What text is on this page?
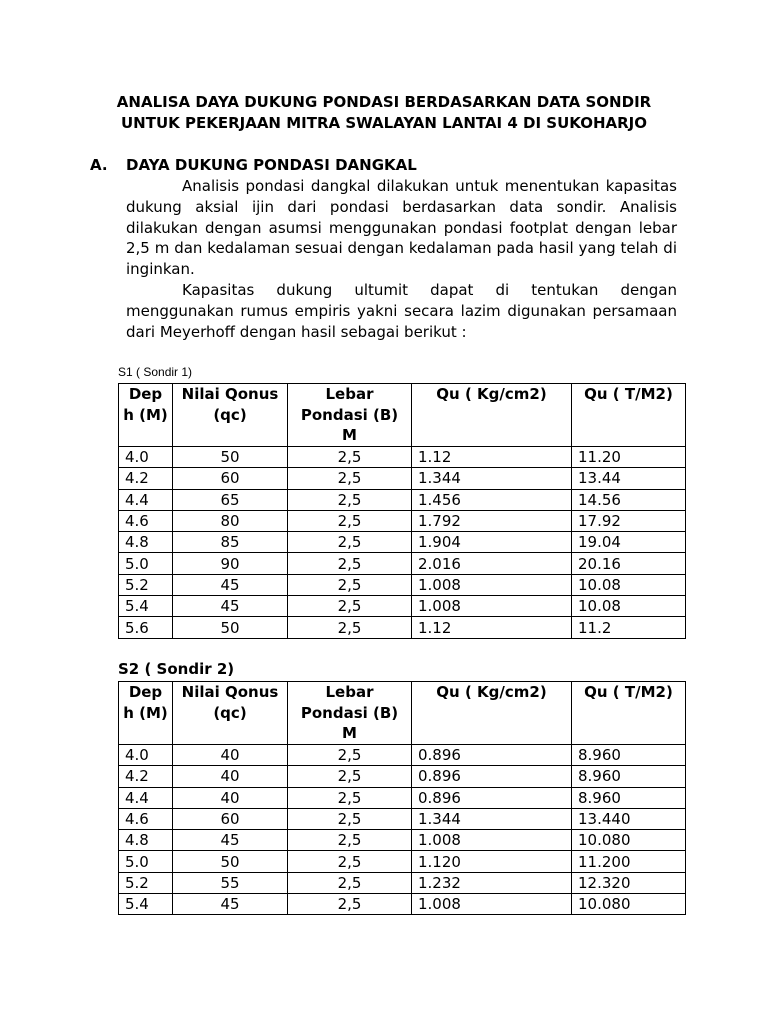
ANALISA DAYA DUKUNG PONDASI BERDASARKAN DATA SONDIR
UNTUK PEKERJAAN MITRA SWALAYAN LANTAI 4 DI SUKOHARJO
A. DAYA DUKUNG PONDASI DANGKAL

Analisis pondasi dangkal dilakukan untuk menentukan kapasitas dukung aksial ijin dari pondasi berdasarkan data sondir. Analisis dilakukan dengan asumsi menggunakan pondasi footplat dengan lebar 2,5 m dan kedalaman sesuai dengan kedalaman pada hasil yang telah di inginkan.

Kapasitas dukung ultumit dapat di tentukan dengan menggunakan rumus empiris yakni secara lazim digunakan persamaan dari Meyerhoff dengan hasil sebagai berikut :

S1 ( Sondir 1)
Dep h (M)	Nilai Qonus (qc)	Lebar Pondasi (B) M	Qu ( Kg/cm2)	Qu ( T/M2)
4.0	50	2,5	1.12	11.20
4.2	60	2,5	1.344	13.44
4.4	65	2,5	1.456	14.56
4.6	80	2,5	1.792	17.92
4.8	85	2,5	1.904	19.04
5.0	90	2,5	2.016	20.16
5.2	45	2,5	1.008	10.08
5.4	45	2,5	1.008	10.08
5.6	50	2,5	1.12	11.2
S2 ( Sondir 2)
Dep h (M)	Nilai Qonus (qc)	Lebar Pondasi (B) M	Qu ( Kg/cm2)	Qu ( T/M2)
4.0	40	2,5	0.896	8.960
4.2	40	2,5	0.896	8.960
4.4	40	2,5	0.896	8.960
4.6	60	2,5	1.344	13.440
4.8	45	2,5	1.008	10.080
5.0	50	2,5	1.120	11.200
5.2	55	2,5	1.232	12.320
5.4	45	2,5	1.008	10.080
